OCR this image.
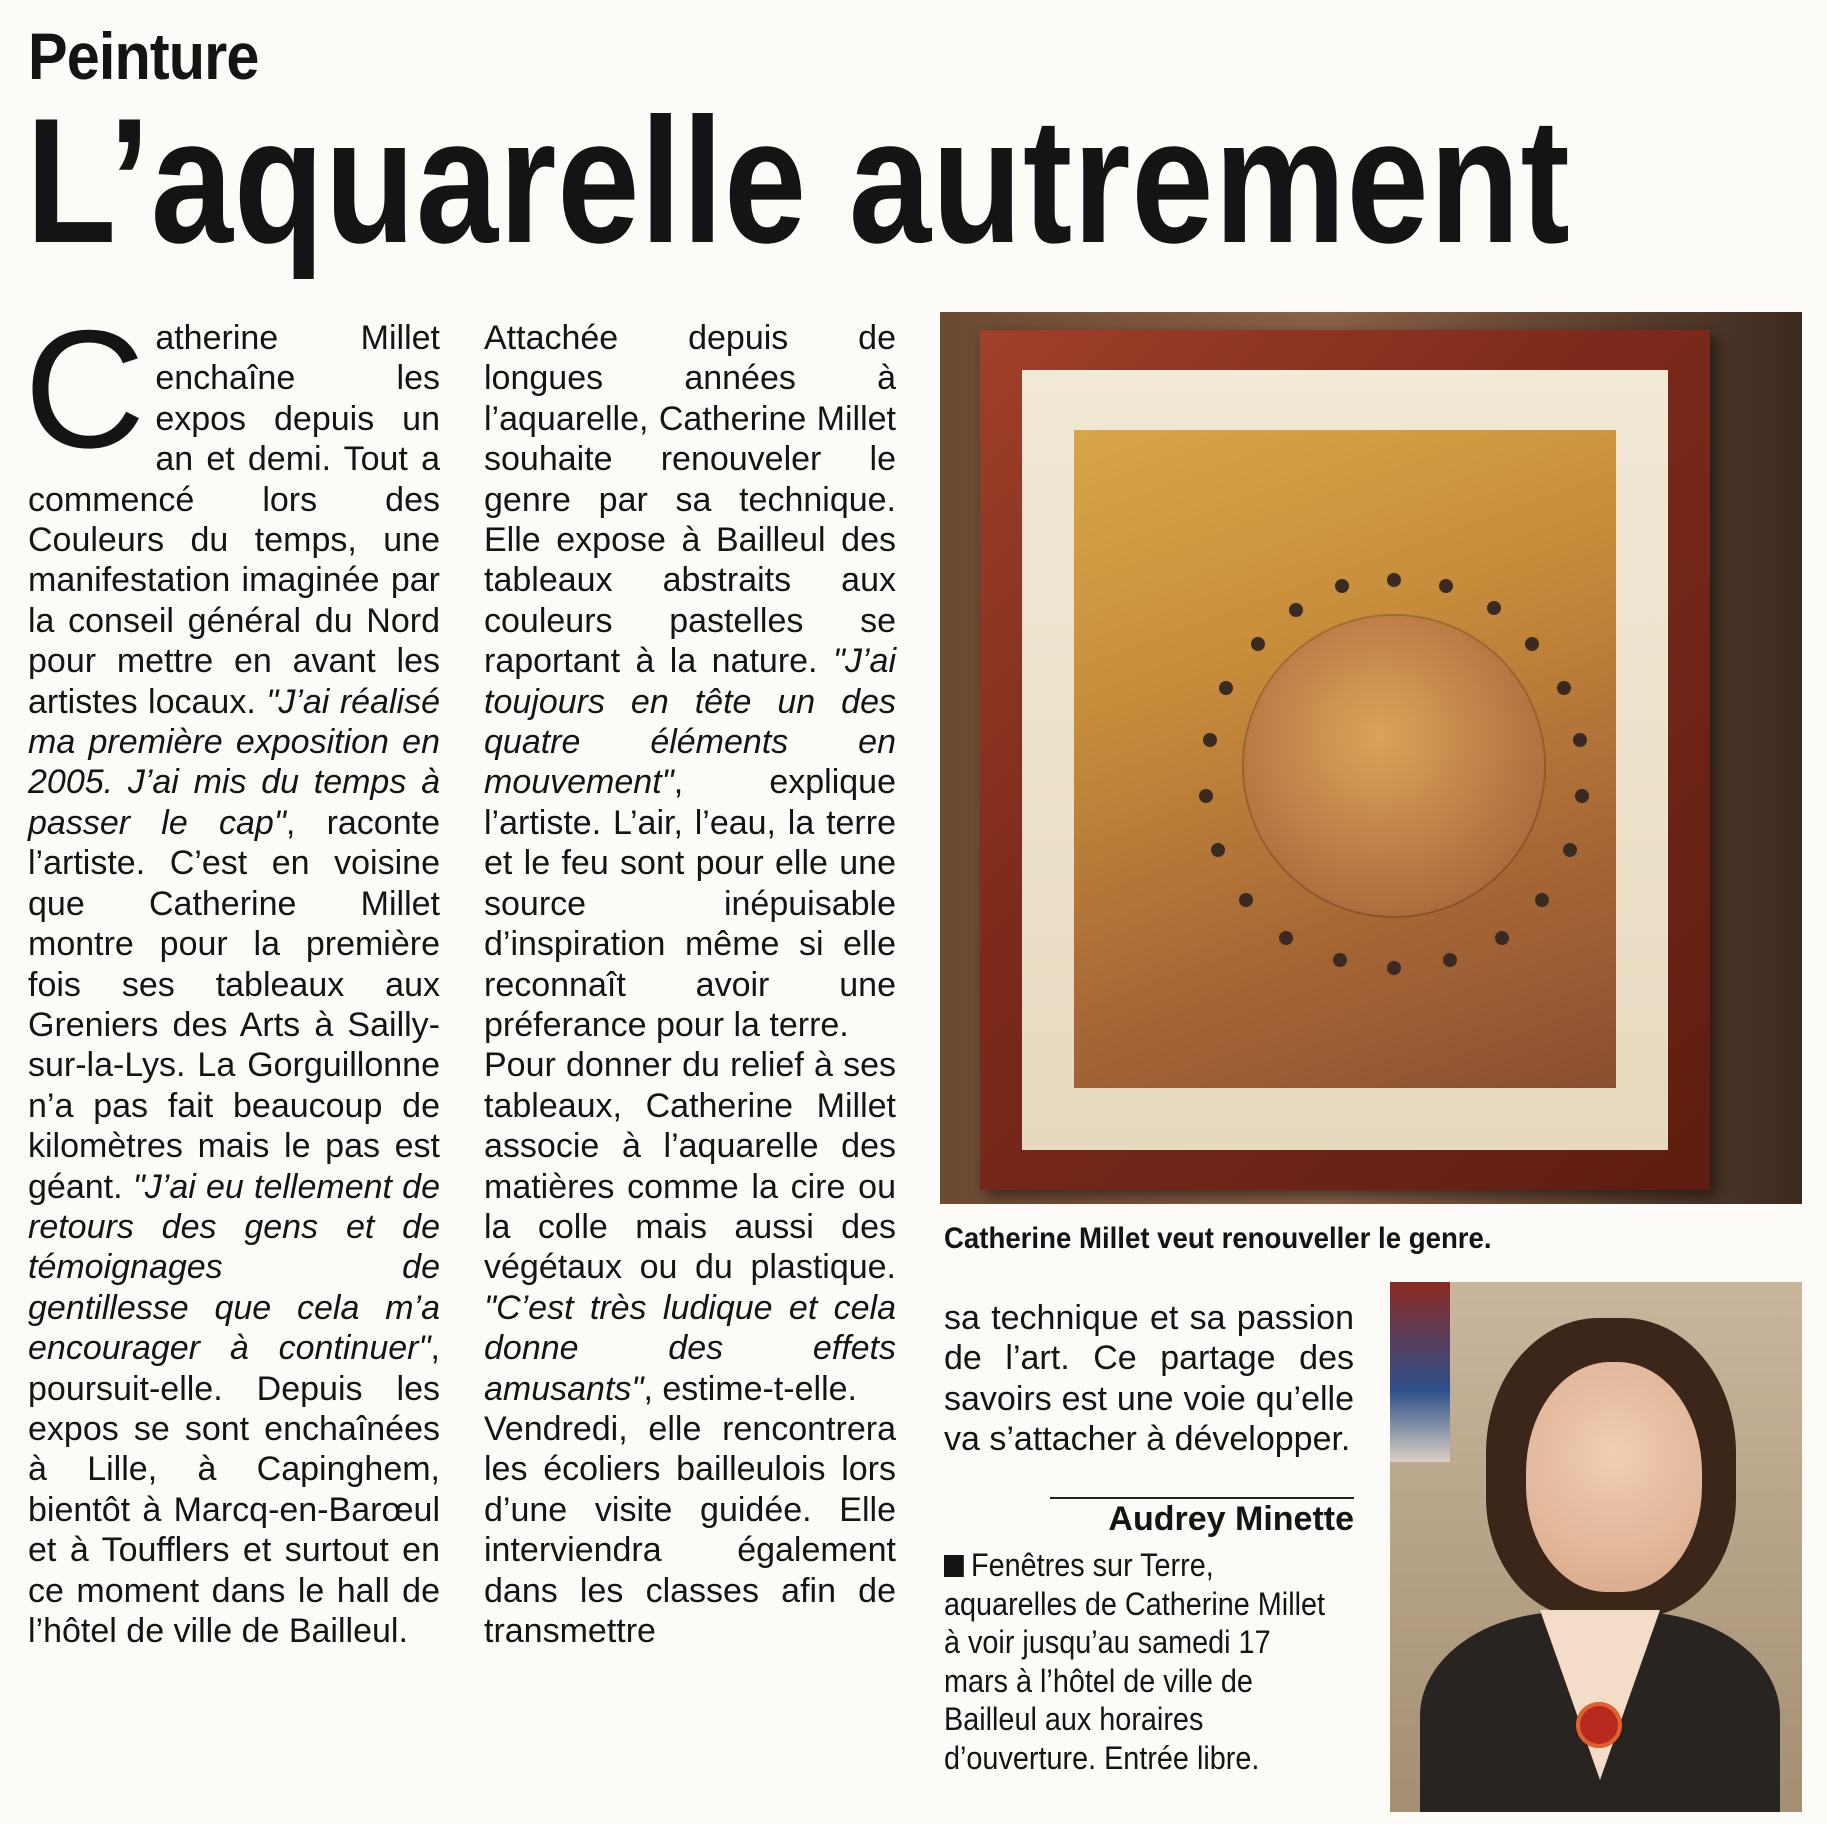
Peinture
L’aquarelle autrement

Catherine Millet enchaîne les expos depuis un an et demi. Tout a commencé lors des Couleurs du temps, une manifestation imaginée par la conseil général du Nord pour mettre en avant les artistes locaux. "J’ai réalisé ma première exposition en 2005. J’ai mis du temps à passer le cap", raconte l’artiste. C’est en voisine que Catherine Millet montre pour la première fois ses tableaux aux Greniers des Arts à Sailly-sur-la-Lys. La Gorguillonne n’a pas fait beaucoup de kilomètres mais le pas est géant. "J’ai eu tellement de retours des gens et de témoignages de gentillesse que cela m’a encourager à continuer", poursuit-elle. Depuis les expos se sont enchaînées à Lille, à Capinghem, bientôt à Marcq-en-Barœul et à Toufflers et surtout en ce moment dans le hall de l’hôtel de ville de Bailleul.

Attachée depuis de longues années à l’aquarelle, Catherine Millet souhaite renouveler le genre par sa technique. Elle expose à Bailleul des tableaux abstraits aux couleurs pastelles se raportant à la nature. "J’ai toujours en tête un des quatre éléments en mouvement", explique l’artiste. L’air, l’eau, la terre et le feu sont pour elle une source inépuisable d’inspiration même si elle reconnaît avoir une préferance pour la terre.

Pour donner du relief à ses tableaux, Catherine Millet associe à l’aquarelle des matières comme la cire ou la colle mais aussi des végétaux ou du plastique. "C’est très ludique et cela donne des effets amusants", estime-t-elle.

Vendredi, elle rencontrera les écoliers bailleulois lors d’une visite guidée. Elle interviendra également dans les classes afin de transmettre

Catherine Millet veut renouveller le genre.

sa technique et sa passion de l’art. Ce partage des savoirs est une voie qu’elle va s’attacher à développer.

Audrey Minette
Fenêtres sur Terre, aquarelles de Catherine Millet à voir jusqu’au samedi 17 mars à l’hôtel de ville de Bailleul aux horaires d’ouverture. Entrée libre.
